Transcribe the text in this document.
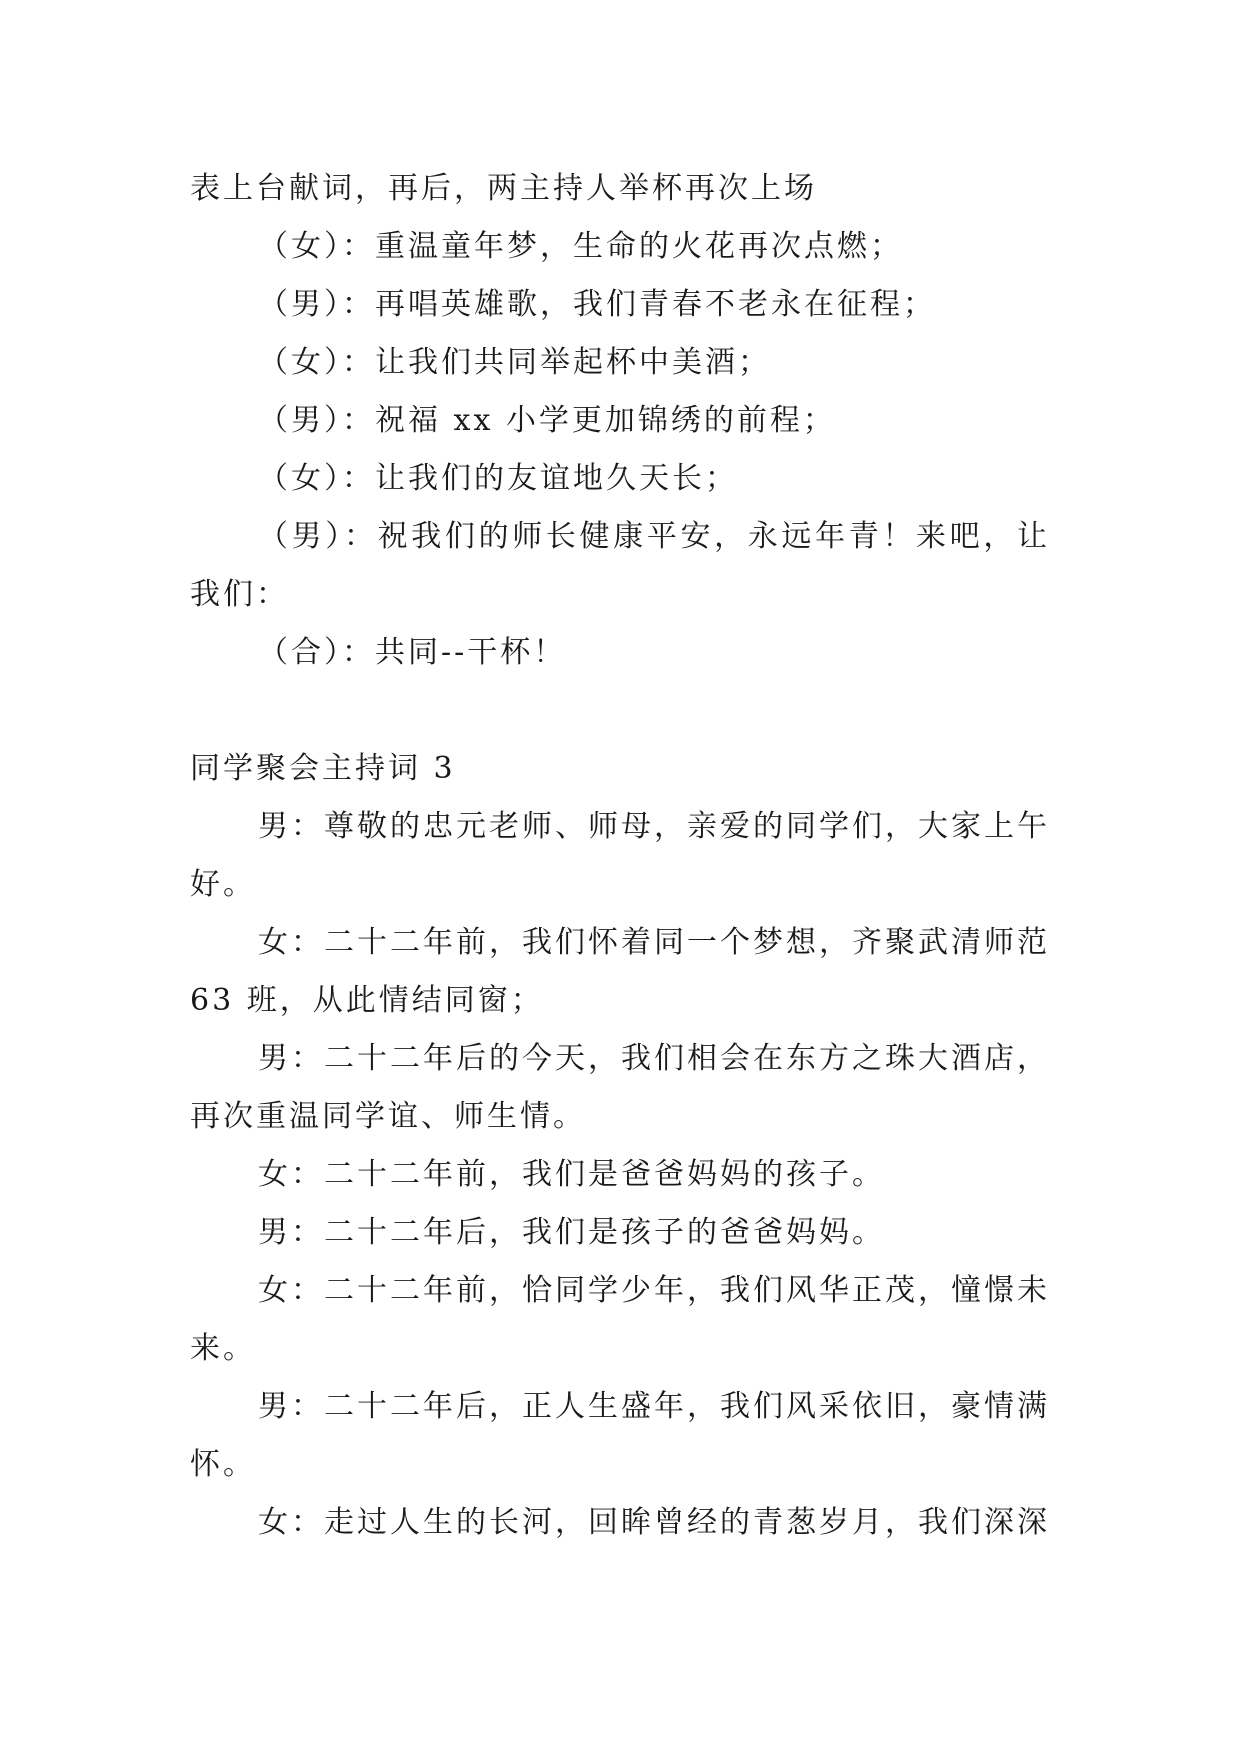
表上台献词，再后，两主持人举杯再次上场

（女）：重温童年梦，生命的火花再次点燃；

（男）：再唱英雄歌，我们青春不老永在征程；

（女）：让我们共同举起杯中美酒；

（男）：祝福 xx 小学更加锦绣的前程；

（女）：让我们的友谊地久天长；

（男）：祝我们的师长健康平安，永远年青！来吧，让我们：

（合）：共同--干杯！

同学聚会主持词 3

男：尊敬的忠元老师、师母，亲爱的同学们，大家上午好。

女：二十二年前，我们怀着同一个梦想，齐聚武清师范 63 班，从此情结同窗；

男：二十二年后的今天，我们相会在东方之珠大酒店，再次重温同学谊、师生情。

女：二十二年前，我们是爸爸妈妈的孩子。

男：二十二年后，我们是孩子的爸爸妈妈。

女：二十二年前，恰同学少年，我们风华正茂，憧憬未来。

男：二十二年后，正人生盛年，我们风采依旧，豪情满怀。

女：走过人生的长河，回眸曾经的青葱岁月，我们深深
